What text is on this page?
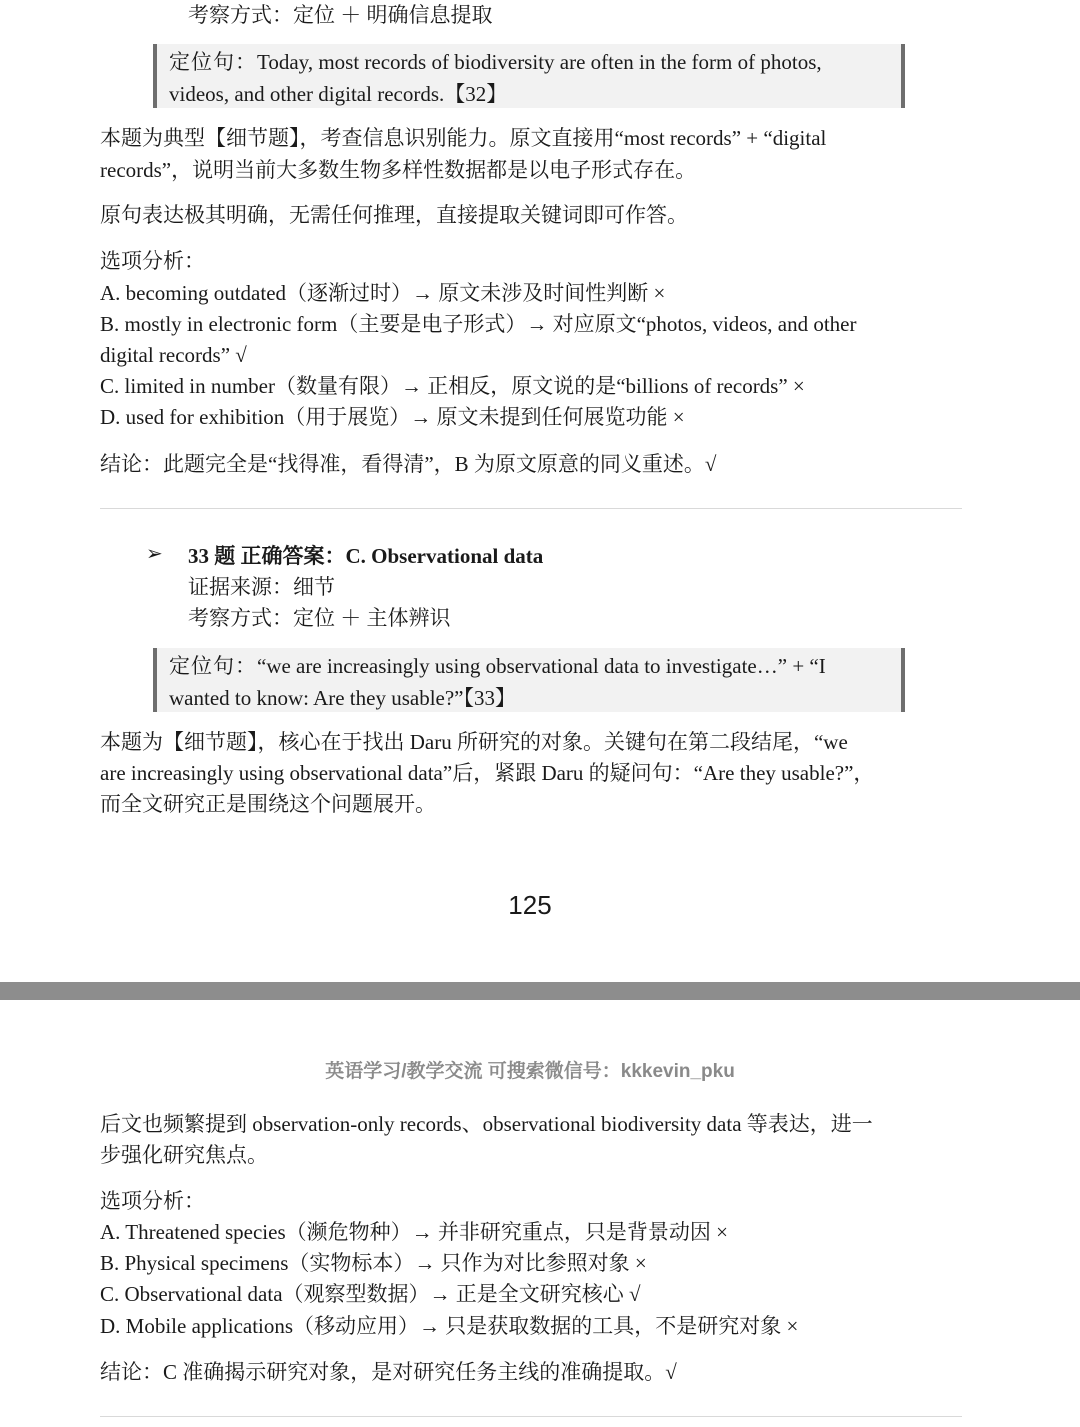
考察方式：定位 ＋ 明确信息提取
定位句：Today, most records of biodiversity are often in the form of photos,
videos, and other digital records.【32】
本题为典型【细节题】，考查信息识别能力。原文直接用“most records” + “digital
records”，说明当前大多数生物多样性数据都是以电子形式存在。
原句表达极其明确，无需任何推理，直接提取关键词即可作答。
选项分析：
A. becoming outdated（逐渐过时）→ 原文未涉及时间性判断 ×
B. mostly in electronic form（主要是电子形式）→ 对应原文“photos, videos, and other
digital records” √
C. limited in number（数量有限）→ 正相反，原文说的是“billions of records” ×
D. used for exhibition（用于展览）→ 原文未提到任何展览功能 ×
结论：此题完全是“找得准，看得清”，B 为原文原意的同义重述。√
➢ 33 题 正确答案：C. Observational data
证据来源：细节
考察方式：定位 ＋ 主体辨识
定位句：“we are increasingly using observational data to investigate…” + “I
wanted to know: Are they usable?”【33】
本题为【细节题】，核心在于找出 Daru 所研究的对象。关键句在第二段结尾，“we
are increasingly using observational data”后，紧跟 Daru 的疑问句：“Are they usable?”，
而全文研究正是围绕这个问题展开。
125
英语学习/教学交流 可搜索微信号：kkkevin_pku
后文也频繁提到 observation-only records、observational biodiversity data 等表达，进一
步强化研究焦点。
选项分析：
A. Threatened species（濒危物种）→ 并非研究重点，只是背景动因 ×
B. Physical specimens（实物标本）→ 只作为对比参照对象 ×
C. Observational data（观察型数据）→ 正是全文研究核心 √
D. Mobile applications（移动应用）→ 只是获取数据的工具，不是研究对象 ×
结论：C 准确揭示研究对象，是对研究任务主线的准确提取。√
